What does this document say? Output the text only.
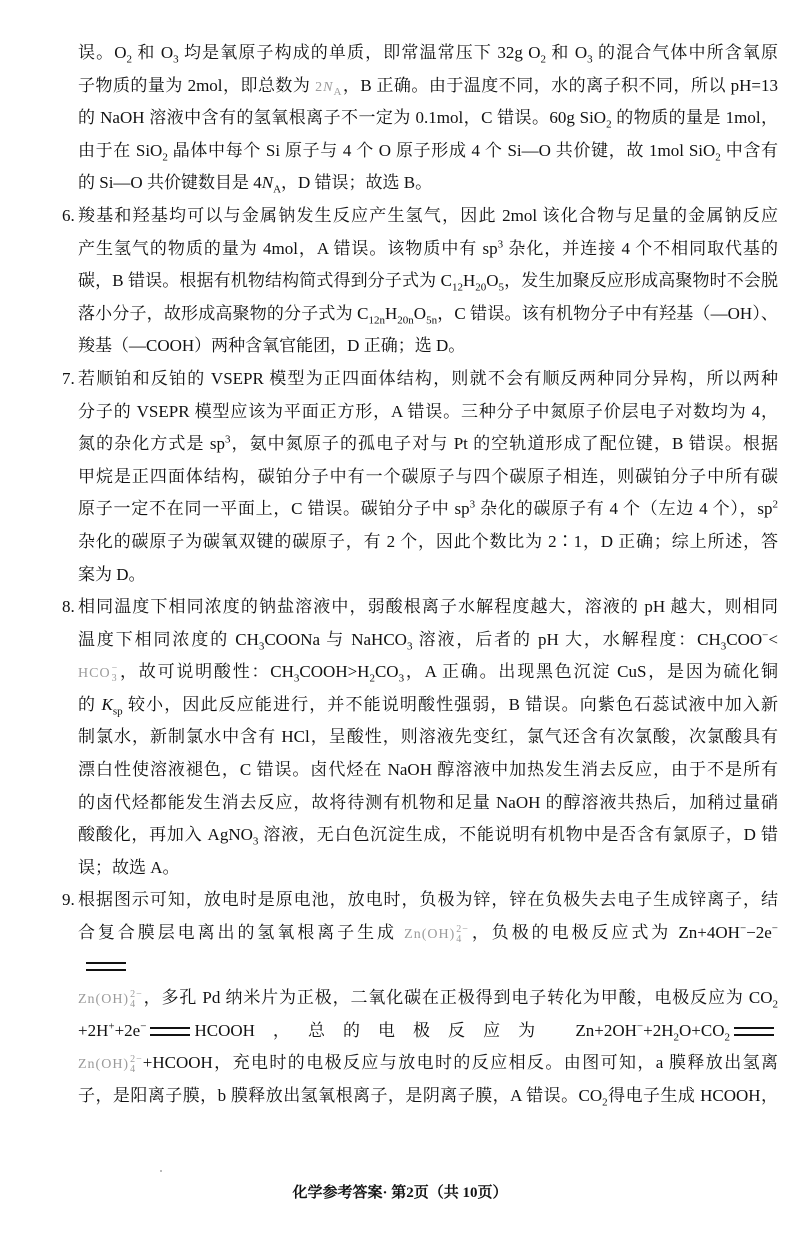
误。$O_2$ 和 $O_3$ 均是氧原子构成的单质，即常温常压下 32g $O_2$ 和 $O_3$ 的混合气体中所含氧原
子物质的量为 2mol，即总数为 $2N_A$，B 正确。由于温度不同，水的离子积不同，所以 pH=13
的 NaOH 溶液中含有的氢氧根离子不一定为 0.1mol，C 错误。60g SiO$_2$ 的物质的量是 1mol，
由于在 SiO$_2$ 晶体中每个 Si 原子与 4 个 O 原子形成 4 个 Si—O 共价键，故 1mol SiO$_2$ 中含有
的 Si—O 共价键数目是 $4N_A$，D 错误；故选 B。
6. 羧基和羟基均可以与金属钠发生反应产生氢气，因此 2mol 该化合物与足量的金属钠反应
产生氢气的物质的量为 4mol，A 错误。该物质中有 $sp^3$ 杂化，并连接 4 个不相同取代基的
碳，B 错误。根据有机物结构简式得到分子式为 $C_{12}H_{20}O_5$，发生加聚反应形成高聚物时不会脱
落小分子，故形成高聚物的分子式为 $C_{12n}H_{20n}O_{5n}$，C 错误。该有机物分子中有羟基（—OH）、
羧基（—COOH）两种含氧官能团，D 正确；选 D。
7. 若顺铂和反铂的 VSEPR 模型为正四面体结构，则就不会有顺反两种同分异构，所以两种
分子的 VSEPR 模型应该为平面正方形，A 错误。三种分子中氮原子价层电子对数均为 4，
氮的杂化方式是 $sp^3$，氨中氮原子的孤电子对与 Pt 的空轨道形成了配位键，B 错误。根据
甲烷是正四面体结构，碳铂分子中有一个碳原子与四个碳原子相连，则碳铂分子中所有碳
原子一定不在同一平面上，C 错误。碳铂分子中 $sp^3$ 杂化的碳原子有 4 个（左边 4 个），$sp^2$
杂化的碳原子为碳氧双键的碳原子，有 2 个，因此个数比为 2∶1，D 正确；综上所述，答
案为 D。
8. 相同温度下相同浓度的钠盐溶液中，弱酸根离子水解程度越大，溶液的 pH 越大，则相同
温度下相同浓度的 $CH_3COONa$ 与 NaHCO$_3$ 溶液，后者的 pH 大，水解程度：$CH_3COO^-<$
HCO −
3 ，故可说明酸性：$CH_3COOH>H_2CO_3$，A 正确。出现黑色沉淀 CuS，是因为硫化铜
的 $K_{sp}$ 较小，因此反应能进行，并不能说明酸性强弱，B 错误。向紫色石蕊试液中加入新
制氯水，新制氯水中含有 HCl，呈酸性，则溶液先变红，氯气还含有次氯酸，次氯酸具有
漂白性使溶液褪色，C 错误。卤代烃在 NaOH 醇溶液中加热发生消去反应，由于不是所有
的卤代烃都能发生消去反应，故将待测有机物和足量 NaOH 的醇溶液共热后，加稍过量硝
酸酸化，再加入 AgNO$_3$ 溶液，无白色沉淀生成，不能说明有机物中是否含有氯原子，D 错
误；故选 A。
9. 根据图示可知，放电时是原电池，放电时，负极为锌，锌在负极失去电子生成锌离子，结
合复合膜层电离出的氢氧根离子生成 Zn(OH) 2−
4 ，负极的电极反应式为 Zn+4OH−−2e−
Zn(OH) 2−
4 ，多孔 Pd 纳米片为正极，二氧化碳在正极得到电子转化为甲酸，电极反应为 $CO_2$
+2H++2e−	HCOOH，总的电极反应为 $Zn+2OH^-+2H_2O+CO_2$
Zn(OH) 2−
4 +HCOOH，充电时的电极反应与放电时的反应相反。由图可知，a 膜释放出氢离
子，是阳离子膜，b 膜释放出氢氧根离子，是阴离子膜，A 错误。$CO_2$得电子生成 HCOOH，
化学参考答案· 第2页（共 10页）
